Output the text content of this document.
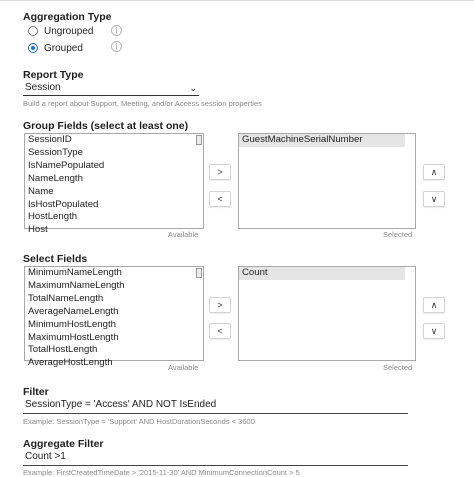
Aggregation Type
Ungrouped	i
Grouped	i
Report Type
Session	⌄
Build a report about Support, Meeting, and/or Access session properties
Group Fields (select at least one)
SessionID
SessionType
IsNamePopulated
NameLength
Name
IsHostPopulated
HostLength
Host	Available
>
<
GuestMachineSerialNumber
Selected
∧
∨
Select Fields
MinimumNameLength
MaximumNameLength
TotalNameLength
AverageNameLength
MinimumHostLength
MaximumHostLength
TotalHostLength
AverageHostLength	Available
>
<
Count
Selected
∧
∨
Filter
SessionType = 'Access' AND NOT IsEnded
Example: SessionType = 'Support' AND HostDurationSeconds < 3600
Aggregate Filter
Count >1
Example: FirstCreatedTimeDate > '2015-11-30' AND MinimumConnectionCount > 5
